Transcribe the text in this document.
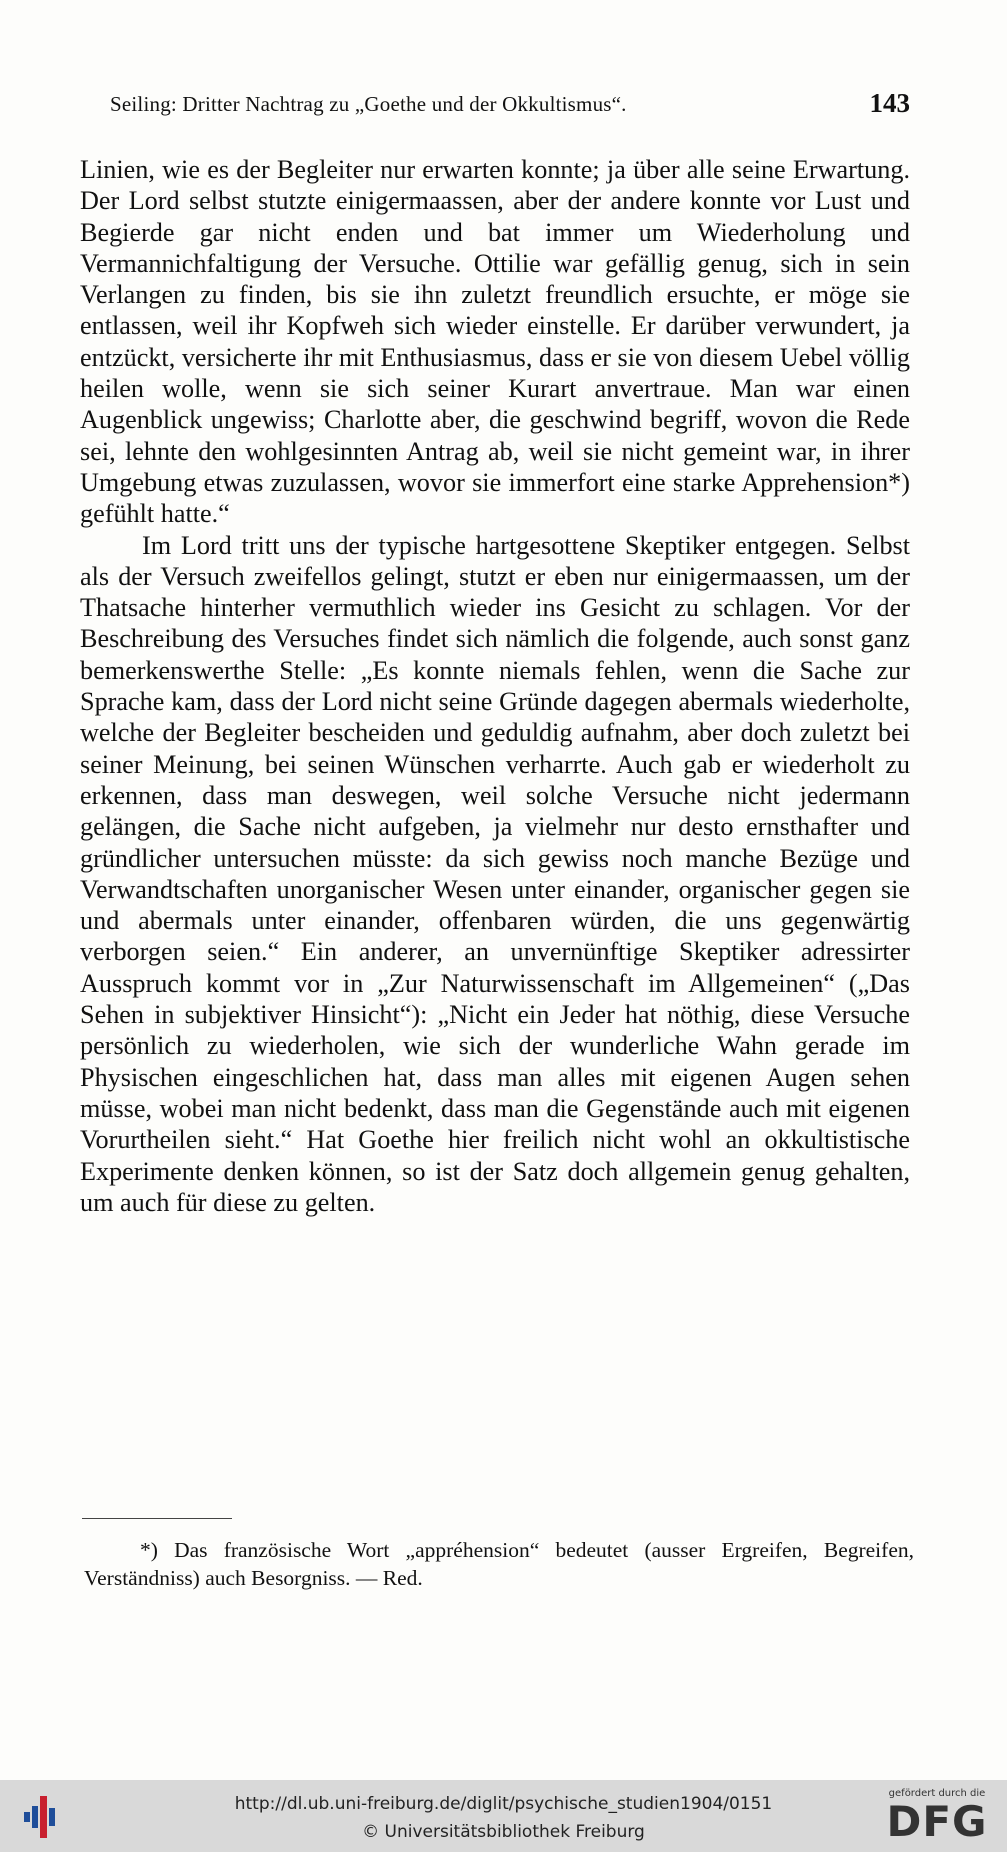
Seiling: Dritter Nachtrag zu „Goethe und der Okkultismus“.	143

Linien, wie es der Begleiter nur erwarten konnte; ja über alle seine Erwartung. Der Lord selbst stutzte einigermaassen, aber der andere konnte vor Lust und Begierde gar nicht enden und bat immer um Wiederholung und Vermannichfaltigung der Versuche. Ottilie war gefällig genug, sich in sein Verlangen zu finden, bis sie ihn zuletzt freundlich ersuchte, er möge sie entlassen, weil ihr Kopfweh sich wieder einstelle. Er darüber verwundert, ja entzückt, versicherte ihr mit Enthusiasmus, dass er sie von diesem Uebel völlig heilen wolle, wenn sie sich seiner Kurart anvertraue. Man war einen Augenblick ungewiss; Charlotte aber, die geschwind begriff, wovon die Rede sei, lehnte den wohlgesinnten Antrag ab, weil sie nicht gemeint war, in ihrer Umgebung etwas zuzulassen, wovor sie immerfort eine starke Apprehension*) gefühlt hatte.“

Im Lord tritt uns der typische hartgesottene Skeptiker entgegen. Selbst als der Versuch zweifellos gelingt, stutzt er eben nur einigermaassen, um der Thatsache hinterher vermuthlich wieder ins Gesicht zu schlagen. Vor der Beschreibung des Versuches findet sich nämlich die folgende, auch sonst ganz bemerkenswerthe Stelle: „Es konnte niemals fehlen, wenn die Sache zur Sprache kam, dass der Lord nicht seine Gründe dagegen abermals wiederholte, welche der Begleiter bescheiden und geduldig aufnahm, aber doch zuletzt bei seiner Meinung, bei seinen Wünschen verharrte. Auch gab er wiederholt zu erkennen, dass man deswegen, weil solche Versuche nicht jedermann gelängen, die Sache nicht aufgeben, ja vielmehr nur desto ernsthafter und gründlicher untersuchen müsste: da sich gewiss noch manche Bezüge und Verwandtschaften unorganischer Wesen unter einander, organischer gegen sie und abermals unter einander, offenbaren würden, die uns gegenwärtig verborgen seien.“ Ein anderer, an unvernünftige Skeptiker adressirter Ausspruch kommt vor in „Zur Naturwissenschaft im Allgemeinen“ („Das Sehen in subjektiver Hinsicht“): „Nicht ein Jeder hat nöthig, diese Versuche persönlich zu wiederholen, wie sich der wunderliche Wahn gerade im Physischen eingeschlichen hat, dass man alles mit eigenen Augen sehen müsse, wobei man nicht bedenkt, dass man die Gegenstände auch mit eigenen Vorurtheilen sieht.“ Hat Goethe hier freilich nicht wohl an okkultistische Experimente denken können, so ist der Satz doch allgemein genug gehalten, um auch für diese zu gelten.

*) Das französische Wort „appréhension“ bedeutet (ausser Ergreifen, Begreifen, Verständniss) auch Besorgniss. — Red.
http://dl.ub.uni-freiburg.de/diglit/psychische_studien1904/0151
© Universitätsbibliothek Freiburg
gefördert durch die
DFG
